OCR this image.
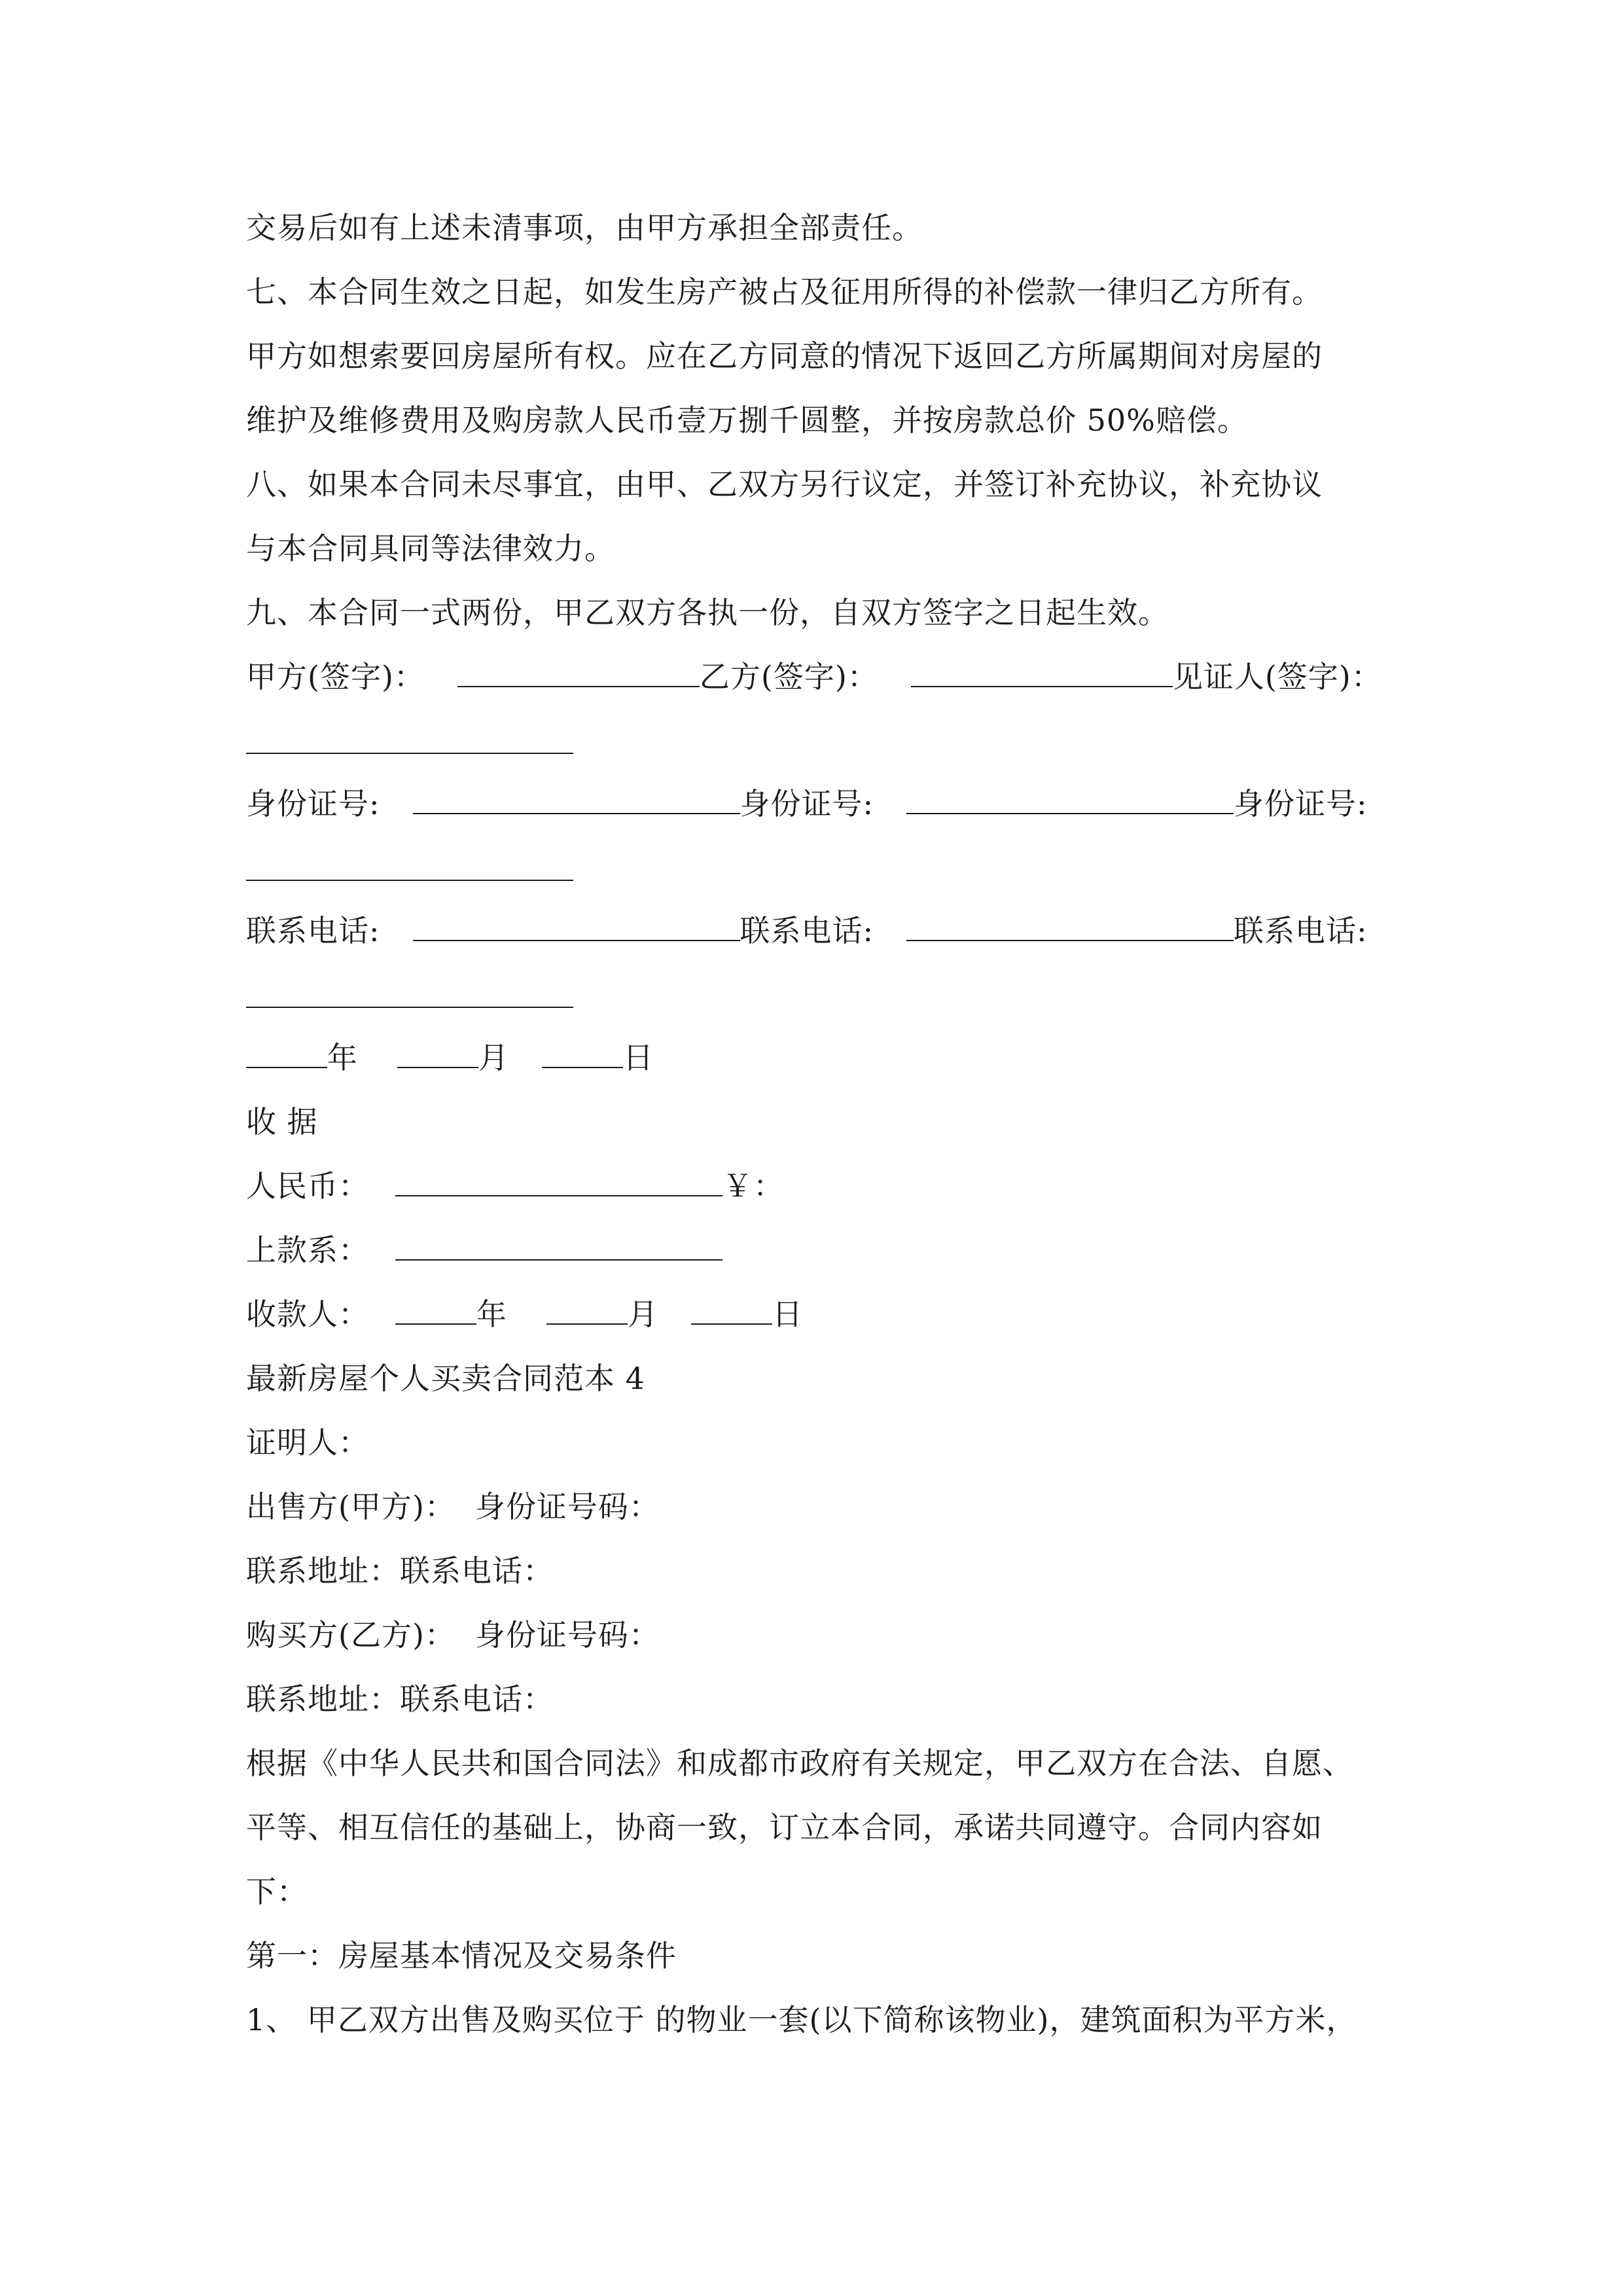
交易后如有上述未清事项，由甲方承担全部责任。
七、本合同生效之日起，如发生房产被占及征用所得的补偿款一律归乙方所有。
甲方如想索要回房屋所有权。应在乙方同意的情况下返回乙方所属期间对房屋的
维护及维修费用及购房款人民币壹万捌千圆整，并按房款总价 50%赔偿。
八、如果本合同未尽事宜，由甲、乙双方另行议定，并签订补充协议，补充协议
与本合同具同等法律效力。
九、本合同一式两份，甲乙双方各执一份，自双方签字之日起生效。
甲方(签字)：	乙方(签字)：	见证人(签字)：
身份证号:	身份证号:	身份证号:
联系电话:	联系电话:	联系电话:
年	月	日
收 据
人民币：	￥：
上款系：
收款人：	年	月	日
最新房屋个人买卖合同范本 4
证明人：
出售方(甲方)： 身份证号码：
联系地址：联系电话：
购买方(乙方)： 身份证号码：
联系地址：联系电话：
根据《中华人民共和国合同法》和成都市政府有关规定，甲乙双方在合法、自愿、
平等、相互信任的基础上，协商一致，订立本合同，承诺共同遵守。合同内容如
下：
第一：房屋基本情况及交易条件
1、 甲乙双方出售及购买位于 的物业一套(以下简称该物业)，建筑面积为平方米，
